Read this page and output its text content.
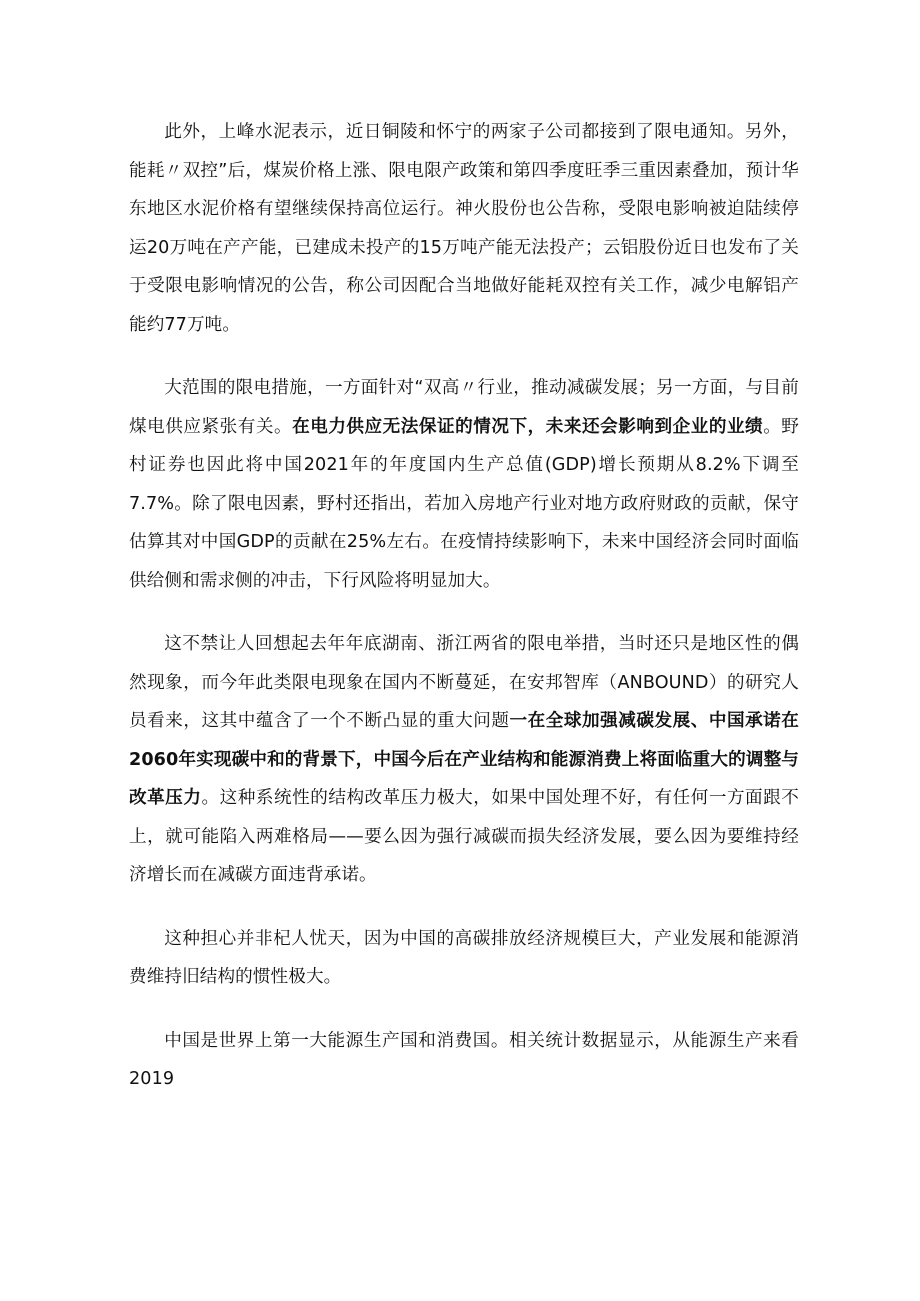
此外，上峰水泥表示，近日铜陵和怀宁的两家子公司都接到了限电通知。另外，能耗〃双控”后，煤炭价格上涨、限电限产政策和第四季度旺季三重因素叠加，预计华东地区水泥价格有望继续保持高位运行。神火股份也公告称，受限电影响被迫陆续停运20万吨在产产能，已建成未投产的15万吨产能无法投产；云铝股份近日也发布了关于受限电影响情况的公告，称公司因配合当地做好能耗双控有关工作，减少电解铝产能约77万吨。

大范围的限电措施，一方面针对“双高〃行业，推动减碳发展；另一方面，与目前煤电供应紧张有关。在电力供应无法保证的情况下，未来还会影响到企业的业绩。野村证券也因此将中国2021年的年度国内生产总值(GDP)增长预期从8.2%下调至7.7%。除了限电因素，野村还指出，若加入房地产行业对地方政府财政的贡献，保守估算其对中国GDP的贡献在25%左右。在疫情持续影响下，未来中国经济会同时面临供给侧和需求侧的冲击，下行风险将明显加大。

这不禁让人回想起去年年底湖南、浙江两省的限电举措，当时还只是地区性的偶然现象，而今年此类限电现象在国内不断蔓延，在安邦智库（ANBOUND）的研究人员看来，这其中蕴含了一个不断凸显的重大问题一在全球加强减碳发展、中国承诺在2060年实现碳中和的背景下，中国今后在产业结构和能源消费上将面临重大的调整与改革压力。这种系统性的结构改革压力极大，如果中国处理不好，有任何一方面跟不上，就可能陷入两难格局——要么因为强行减碳而损失经济发展，要么因为要维持经济增长而在减碳方面违背承诺。

这种担心并非杞人忧天，因为中国的高碳排放经济规模巨大，产业发展和能源消费维持旧结构的惯性极大。

中国是世界上第一大能源生产国和消费国。相关统计数据显示，从能源生产来看2019
